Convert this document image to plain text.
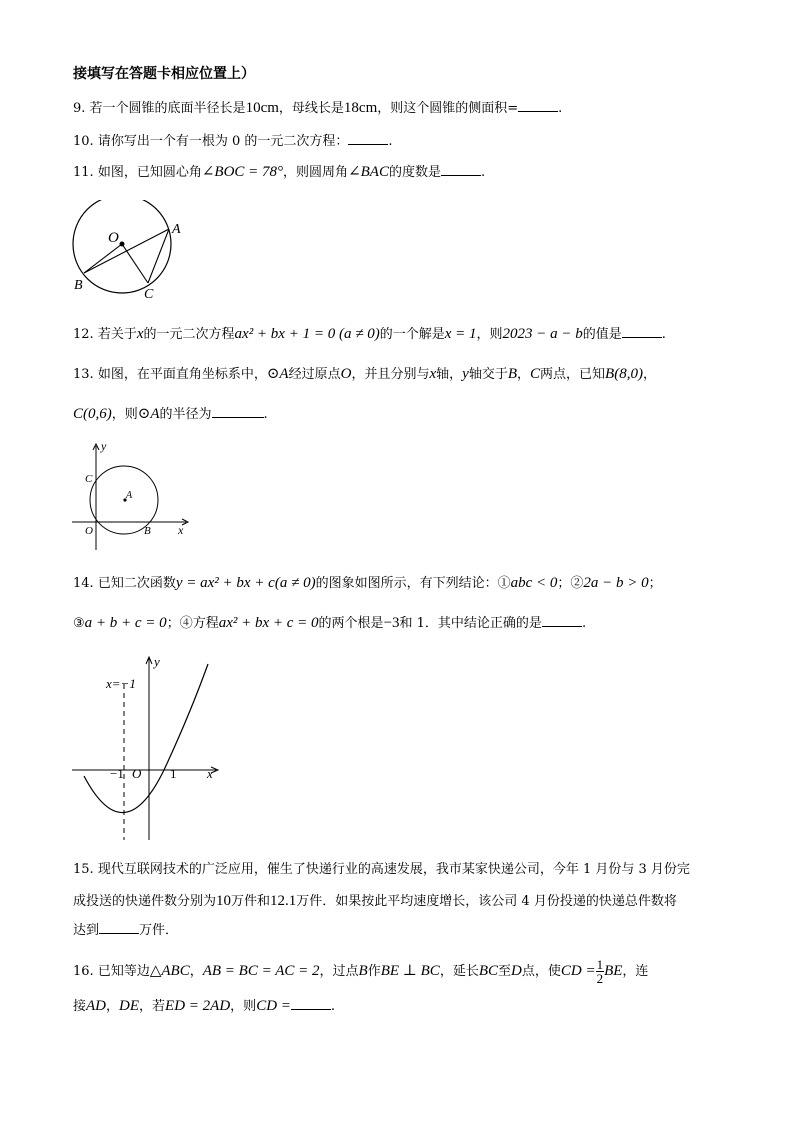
接填写在答题卡相应位置上）
9. 若一个圆锥的底面半径长是10cm，母线长是18cm，则这个圆锥的侧面积=	.
10. 请你写出一个有一根为 0 的一元二次方程：	.
11. 如图，已知圆心角∠BOC = 78°，则圆周角∠BAC的度数是	.
O
A
B
C
12. 若关于x的一元二次方程ax² + bx + 1 = 0 (a ≠ 0)的一个解是x = 1，则2023 − a − b的值是	.
13. 如图，在平面直角坐标系中，⊙A经过原点O，并且分别与x轴，y轴交于B，C两点，已知B(8,0)，
C(0,6)，则⊙A的半径为	.
y
x
C
A
O	B
14. 已知二次函数y = ax² + bx + c(a ≠ 0)的图象如图所示，有下列结论：①abc < 0；②2a − b > 0；
③a + b + c = 0；④方程ax² + bx + c = 0的两个根是−3和 1．其中结论正确的是	.
y
x=−1
−1 O 1 x
15. 现代互联网技术的广泛应用，催生了快递行业的高速发展，我市某家快递公司，今年 1 月份与 3 月份完
成投送的快递件数分别为10万件和12.1万件．如果按此平均速度增长，该公司 4 月份投递的快递总件数将
达到	万件．
16. 已知等边△ABC，AB = BC = AC = 2，过点B作BE ⊥ BC，延长BC至D点，使CD = $\frac{1}{2}$ BE，连
接AD，DE，若ED = 2AD，则CD =	.
